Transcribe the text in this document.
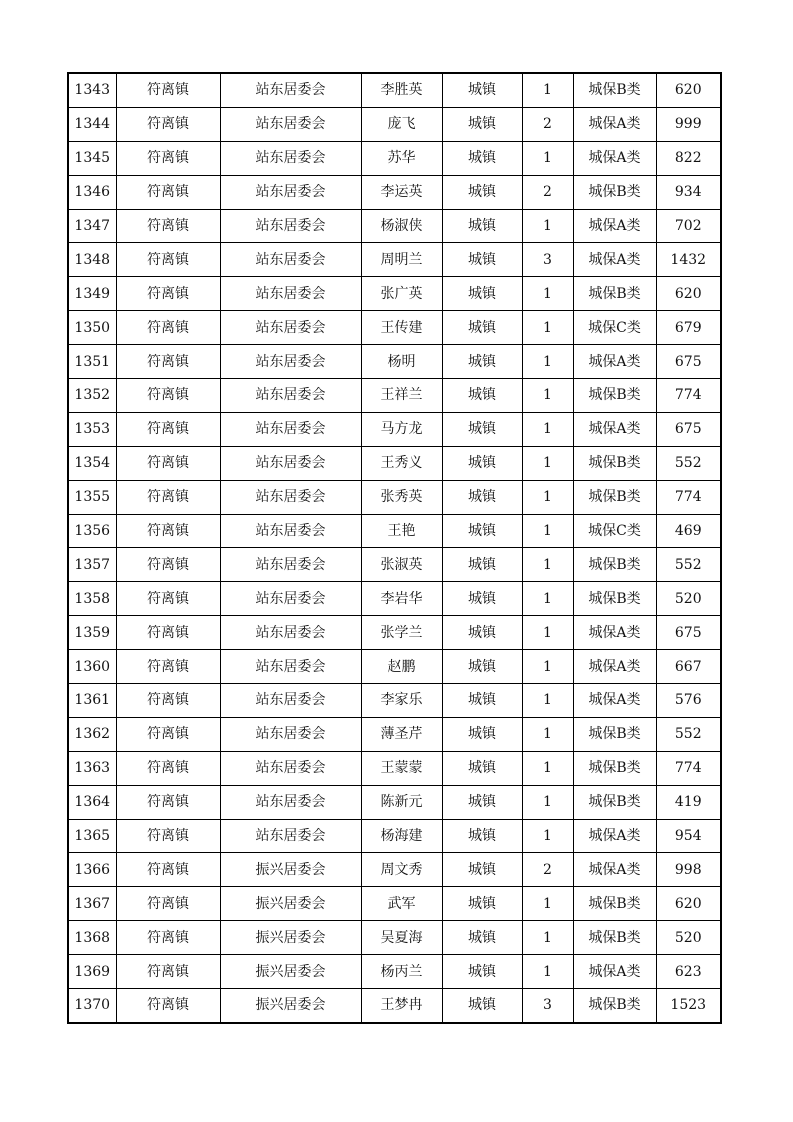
1343	符离镇	站东居委会	李胜英	城镇	1	城保B类	620
1344	符离镇	站东居委会	庞飞	城镇	2	城保A类	999
1345	符离镇	站东居委会	苏华	城镇	1	城保A类	822
1346	符离镇	站东居委会	李运英	城镇	2	城保B类	934
1347	符离镇	站东居委会	杨淑侠	城镇	1	城保A类	702
1348	符离镇	站东居委会	周明兰	城镇	3	城保A类	1432
1349	符离镇	站东居委会	张广英	城镇	1	城保B类	620
1350	符离镇	站东居委会	王传建	城镇	1	城保C类	679
1351	符离镇	站东居委会	杨明	城镇	1	城保A类	675
1352	符离镇	站东居委会	王祥兰	城镇	1	城保B类	774
1353	符离镇	站东居委会	马方龙	城镇	1	城保A类	675
1354	符离镇	站东居委会	王秀义	城镇	1	城保B类	552
1355	符离镇	站东居委会	张秀英	城镇	1	城保B类	774
1356	符离镇	站东居委会	王艳	城镇	1	城保C类	469
1357	符离镇	站东居委会	张淑英	城镇	1	城保B类	552
1358	符离镇	站东居委会	李岩华	城镇	1	城保B类	520
1359	符离镇	站东居委会	张学兰	城镇	1	城保A类	675
1360	符离镇	站东居委会	赵鹏	城镇	1	城保A类	667
1361	符离镇	站东居委会	李家乐	城镇	1	城保A类	576
1362	符离镇	站东居委会	薄圣芹	城镇	1	城保B类	552
1363	符离镇	站东居委会	王蒙蒙	城镇	1	城保B类	774
1364	符离镇	站东居委会	陈新元	城镇	1	城保B类	419
1365	符离镇	站东居委会	杨海建	城镇	1	城保A类	954
1366	符离镇	振兴居委会	周文秀	城镇	2	城保A类	998
1367	符离镇	振兴居委会	武军	城镇	1	城保B类	620
1368	符离镇	振兴居委会	吴夏海	城镇	1	城保B类	520
1369	符离镇	振兴居委会	杨丙兰	城镇	1	城保A类	623
1370	符离镇	振兴居委会	王梦冉	城镇	3	城保B类	1523
